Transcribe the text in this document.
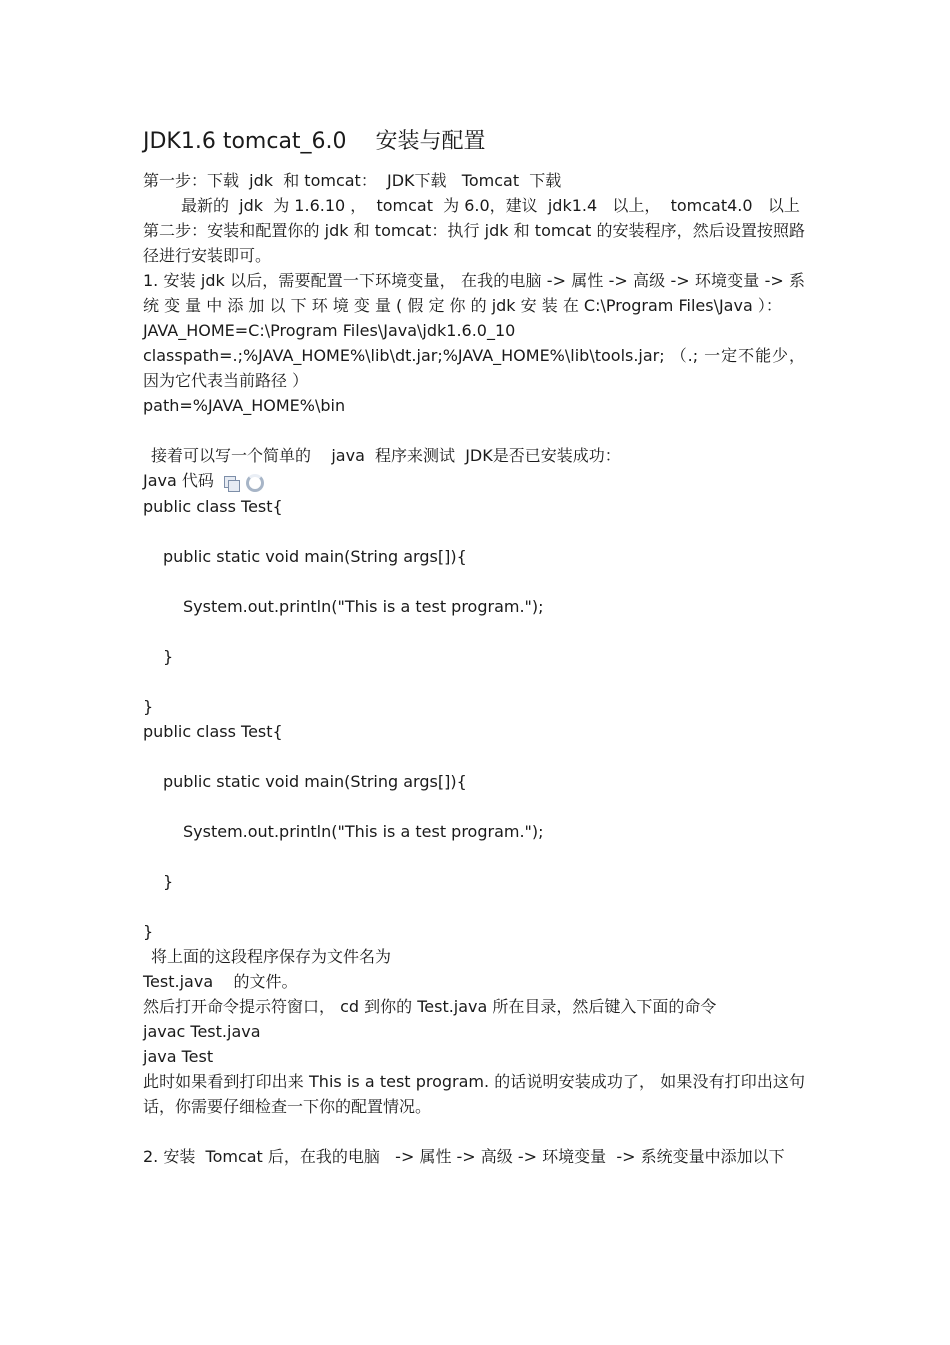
JDK1.6 tomcat_6.0　 安装与配置

第一步：下载  jdk  和 tomcat：  JDK下载   Tomcat  下载

最新的  jdk  为 1.6.10 ，  tomcat  为 6.0，建议  jdk1.4   以上，  tomcat4.0   以上

第二步：安装和配置你的 jdk 和 tomcat：执行 jdk 和 tomcat 的安装程序，然后设置按照路径进行安装即可。

1. 安装 jdk 以后，需要配置一下环境变量， 在我的电脑 -> 属性 -> 高级 -> 环境变量 -> 系 统 变 量 中 添 加 以 下 环 境 变 量 ( 假 定 你 的 jdk 安 装 在 C:\Program Files\Java ）：

JAVA_HOME=C:\Program Files\Java\jdk1.6.0_10

classpath=.;%JAVA_HOME%\lib\dt.jar;%JAVA_HOME%\lib\tools.jar; （.; 一定不能少，因为它代表当前路径 ）

path=%JAVA_HOME%\bin

接着可以写一个简单的    java  程序来测试  JDK是否已安装成功：

Java 代码

public class Test{

public static void main(String args[]){

System.out.println("This is a test program.");

}

}

public class Test{

public static void main(String args[]){

System.out.println("This is a test program.");

}

}

将上面的这段程序保存为文件名为

Test.java    的文件。

然后打开命令提示符窗口， cd 到你的 Test.java 所在目录，然后键入下面的命令

javac Test.java

java Test

此时如果看到打印出来 This is a test program. 的话说明安装成功了， 如果没有打印出这句话，你需要仔细检查一下你的配置情况。

2. 安装  Tomcat 后，在我的电脑   -> 属性 -> 高级 -> 环境变量  -> 系统变量中添加以下
